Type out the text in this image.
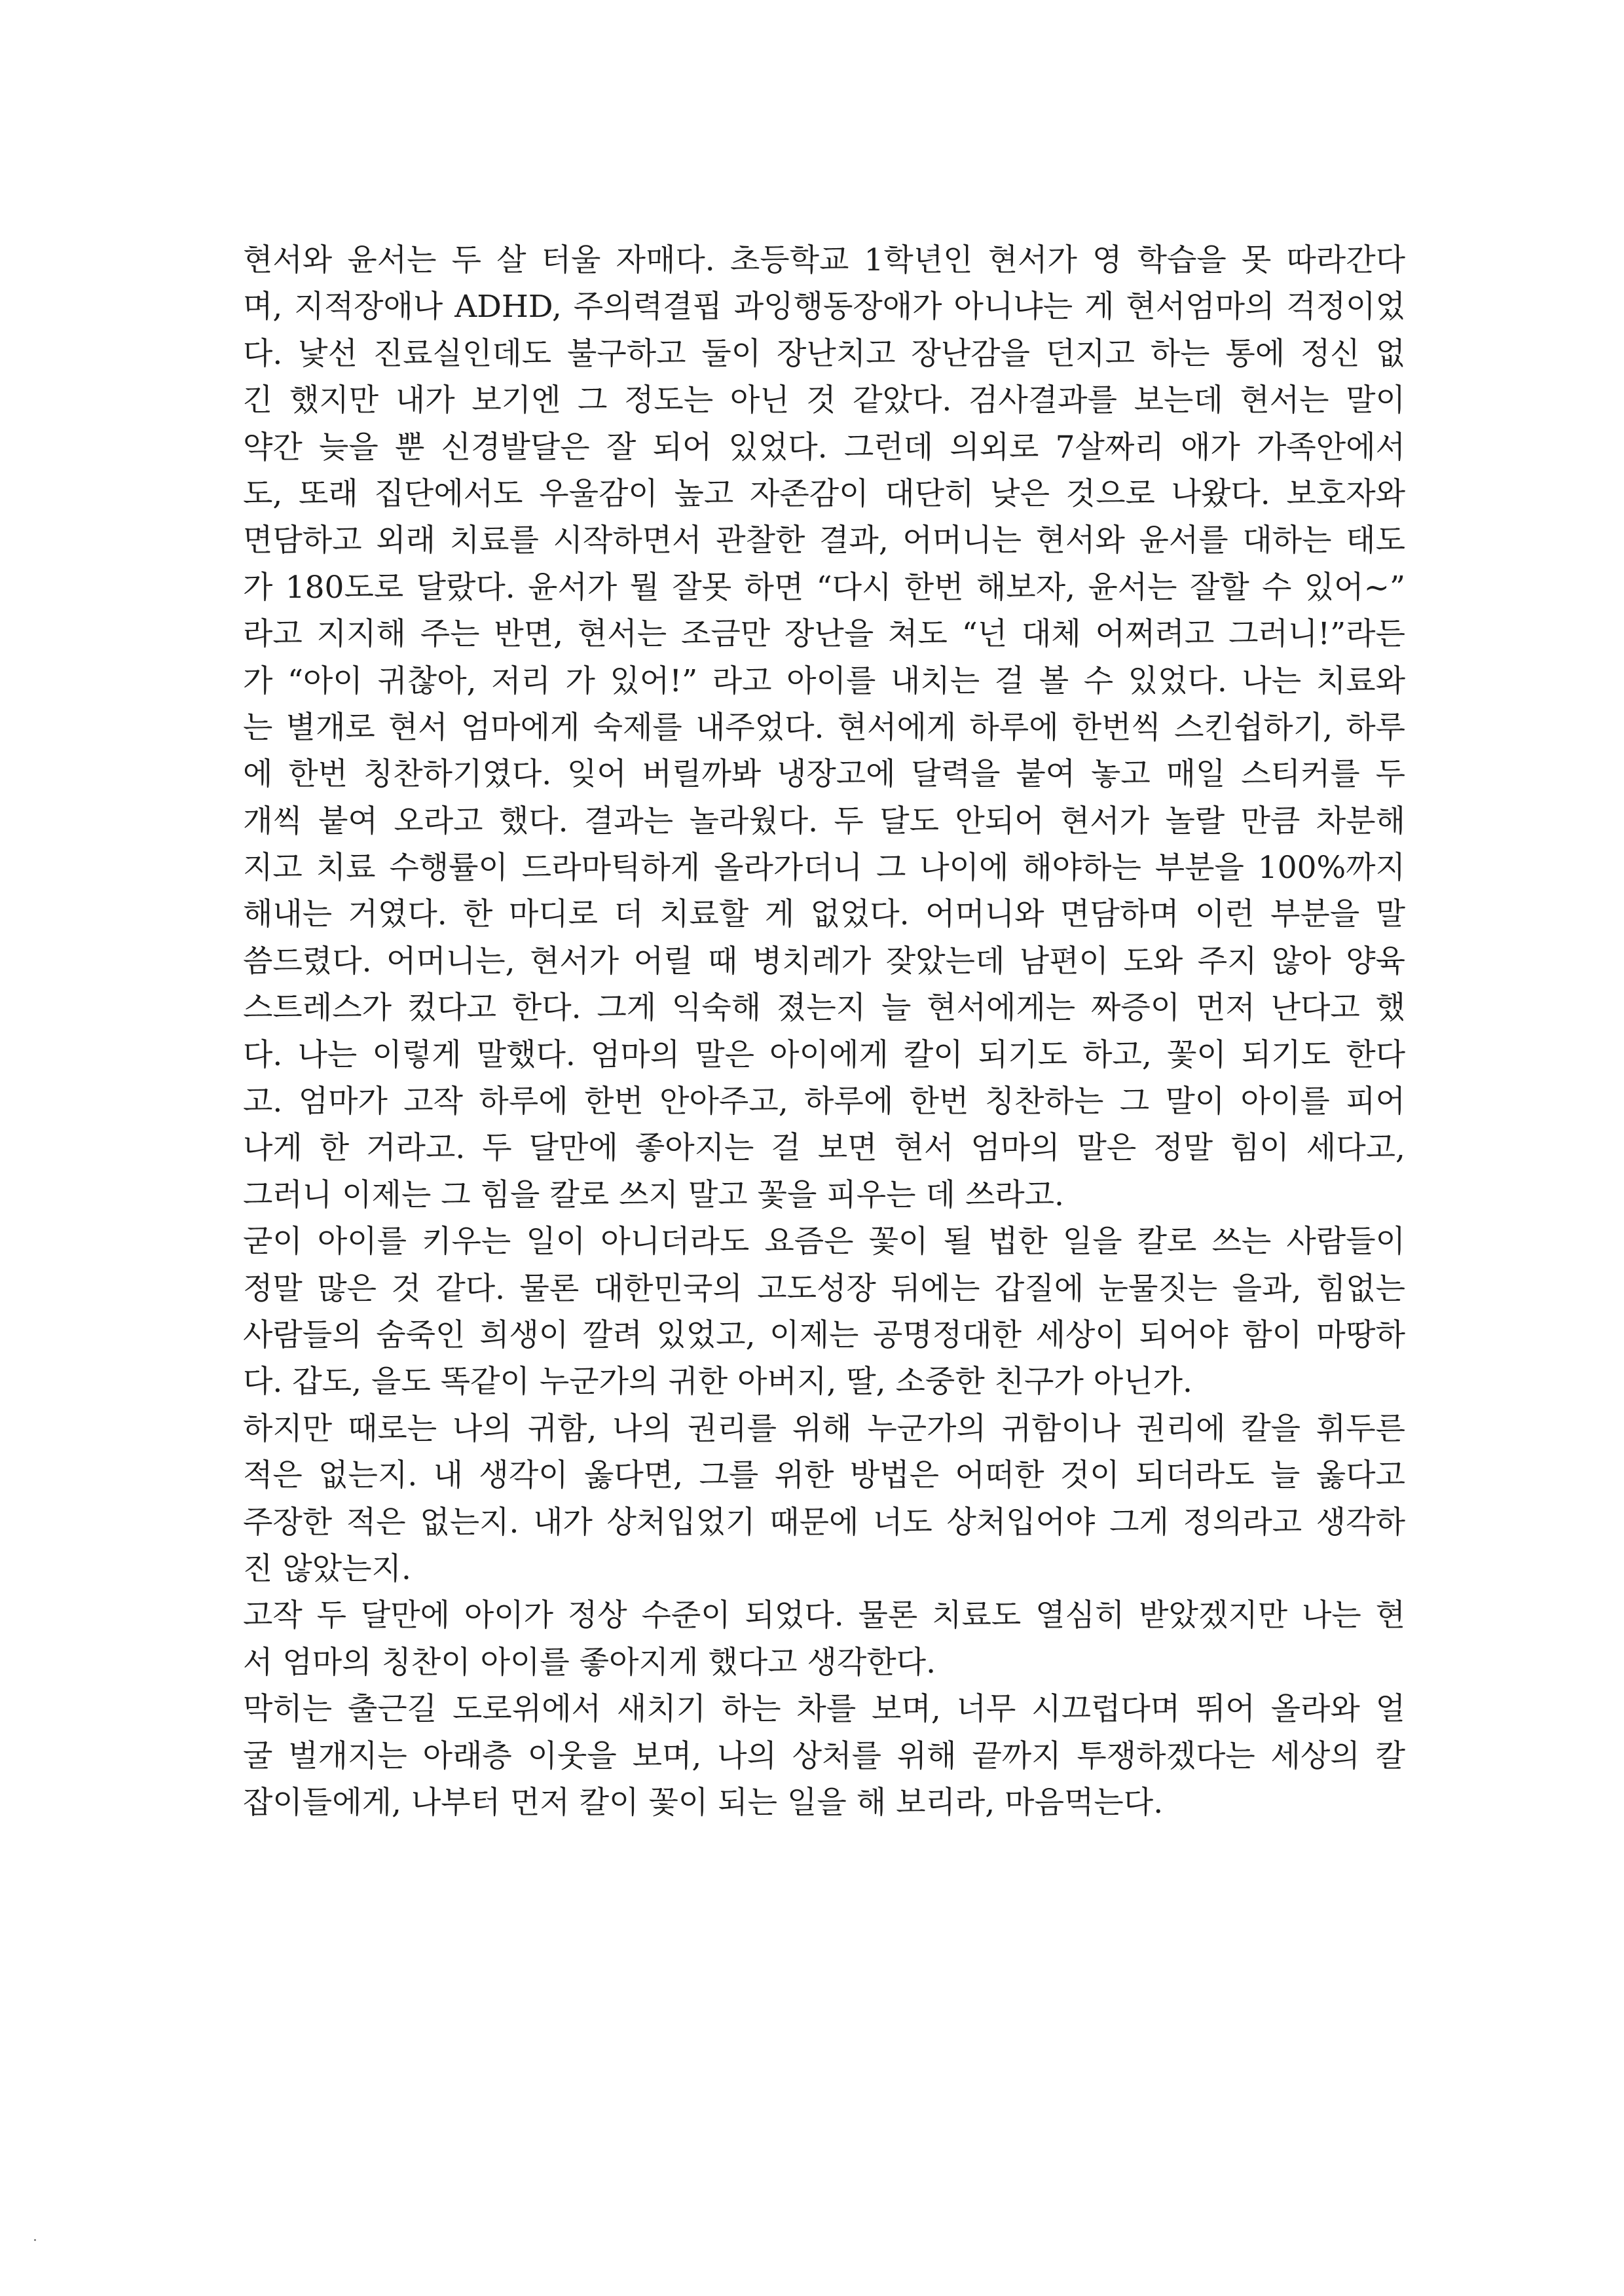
현서와 윤서는 두 살 터울 자매다. 초등학교 1학년인 현서가 영 학습을 못 따라간다
며, 지적장애나 ADHD, 주의력결핍 과잉행동장애가 아니냐는 게 현서엄마의 걱정이었
다. 낯선 진료실인데도 불구하고 둘이 장난치고 장난감을 던지고 하는 통에 정신 없
긴 했지만 내가 보기엔 그 정도는 아닌 것 같았다. 검사결과를 보는데 현서는 말이
약간 늦을 뿐 신경발달은 잘 되어 있었다. 그런데 의외로 7살짜리 애가 가족안에서
도, 또래 집단에서도 우울감이 높고 자존감이 대단히 낮은 것으로 나왔다. 보호자와
면담하고 외래 치료를 시작하면서 관찰한 결과, 어머니는 현서와 윤서를 대하는 태도
가 180도로 달랐다. 윤서가 뭘 잘못 하면 “다시 한번 해보자, 윤서는 잘할 수 있어~”
라고 지지해 주는 반면, 현서는 조금만 장난을 쳐도 “넌 대체 어쩌려고 그러니!”라든
가 “아이 귀찮아, 저리 가 있어!” 라고 아이를 내치는 걸 볼 수 있었다. 나는 치료와
는 별개로 현서 엄마에게 숙제를 내주었다. 현서에게 하루에 한번씩 스킨쉽하기, 하루
에 한번 칭찬하기였다. 잊어 버릴까봐 냉장고에 달력을 붙여 놓고 매일 스티커를 두
개씩 붙여 오라고 했다. 결과는 놀라웠다. 두 달도 안되어 현서가 놀랄 만큼 차분해
지고 치료 수행률이 드라마틱하게 올라가더니 그 나이에 해야하는 부분을 100%까지
해내는 거였다. 한 마디로 더 치료할 게 없었다. 어머니와 면담하며 이런 부분을 말
씀드렸다. 어머니는, 현서가 어릴 때 병치레가 잦았는데 남편이 도와 주지 않아 양육
스트레스가 컸다고 한다. 그게 익숙해 졌는지 늘 현서에게는 짜증이 먼저 난다고 했
다. 나는 이렇게 말했다. 엄마의 말은 아이에게 칼이 되기도 하고, 꽃이 되기도 한다
고. 엄마가 고작 하루에 한번 안아주고, 하루에 한번 칭찬하는 그 말이 아이를 피어
나게 한 거라고. 두 달만에 좋아지는 걸 보면 현서 엄마의 말은 정말 힘이 세다고,
그러니 이제는 그 힘을 칼로 쓰지 말고 꽃을 피우는 데 쓰라고.
굳이 아이를 키우는 일이 아니더라도 요즘은 꽃이 될 법한 일을 칼로 쓰는 사람들이
정말 많은 것 같다. 물론 대한민국의 고도성장 뒤에는 갑질에 눈물짓는 을과, 힘없는
사람들의 숨죽인 희생이 깔려 있었고, 이제는 공명정대한 세상이 되어야 함이 마땅하
다. 갑도, 을도 똑같이 누군가의 귀한 아버지, 딸, 소중한 친구가 아닌가.
하지만 때로는 나의 귀함, 나의 권리를 위해 누군가의 귀함이나 권리에 칼을 휘두른
적은 없는지. 내 생각이 옳다면, 그를 위한 방법은 어떠한 것이 되더라도 늘 옳다고
주장한 적은 없는지. 내가 상처입었기 때문에 너도 상처입어야 그게 정의라고 생각하
진 않았는지.
고작 두 달만에 아이가 정상 수준이 되었다. 물론 치료도 열심히 받았겠지만 나는 현
서 엄마의 칭찬이 아이를 좋아지게 했다고 생각한다.
막히는 출근길 도로위에서 새치기 하는 차를 보며, 너무 시끄럽다며 뛰어 올라와 얼
굴 벌개지는 아래층 이웃을 보며, 나의 상처를 위해 끝까지 투쟁하겠다는 세상의 칼
잡이들에게, 나부터 먼저 칼이 꽃이 되는 일을 해 보리라, 마음먹는다.
